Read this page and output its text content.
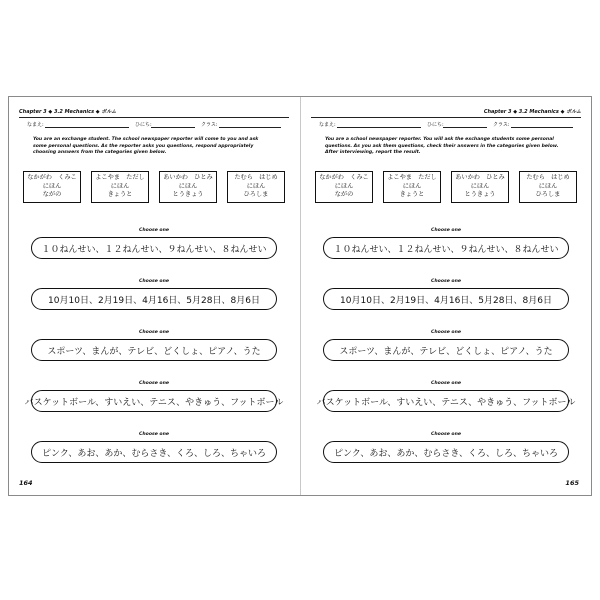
Chapter 3 ◆ 3.2 Mechanics ◆ ポルム
なまえ:	ひにち:	クラス:
You are an exchange student. The school newspaper reporter will come to you and ask some personal questions. As the reporter asks you questions, respond appropriately choosing answers from the categories given below.
なかがわ　くみこ
にほん
ながの
よこやま　ただし
にほん
きょうと
あいかわ　ひとみ
にほん
とうきょう
たむら　はじめ
にほん
ひろしま
Choose one
１０ねんせい、１２ねんせい、９ねんせい、８ねんせい
Choose one
10月10日、2月19日、4月16日、5月28日、8月6日
Choose one
スポーツ、まんが、テレビ、どくしょ、ピアノ、うた
Choose one
バスケットボール、すいえい、テニス、やきゅう、フットボール
Choose one
ピンク、あお、あか、むらさき、くろ、しろ、ちゃいろ
164
Chapter 3 ◆ 3.2 Mechanics ◆ ポルム
なまえ:	ひにち:	クラス:
You are a school newspaper reporter. You will ask the exchange students some personal questions. As you ask them questions, check their answers in the categories given below. After interviewing, report the result.
なかがわ　くみこ
にほん
ながの
よこやま　ただし
にほん
きょうと
あいかわ　ひとみ
にほん
とうきょう
たむら　はじめ
にほん
ひろしま
Choose one
１０ねんせい、１２ねんせい、９ねんせい、８ねんせい
Choose one
10月10日、2月19日、4月16日、5月28日、8月6日
Choose one
スポーツ、まんが、テレビ、どくしょ、ピアノ、うた
Choose one
バスケットボール、すいえい、テニス、やきゅう、フットボール
Choose one
ピンク、あお、あか、むらさき、くろ、しろ、ちゃいろ
165
